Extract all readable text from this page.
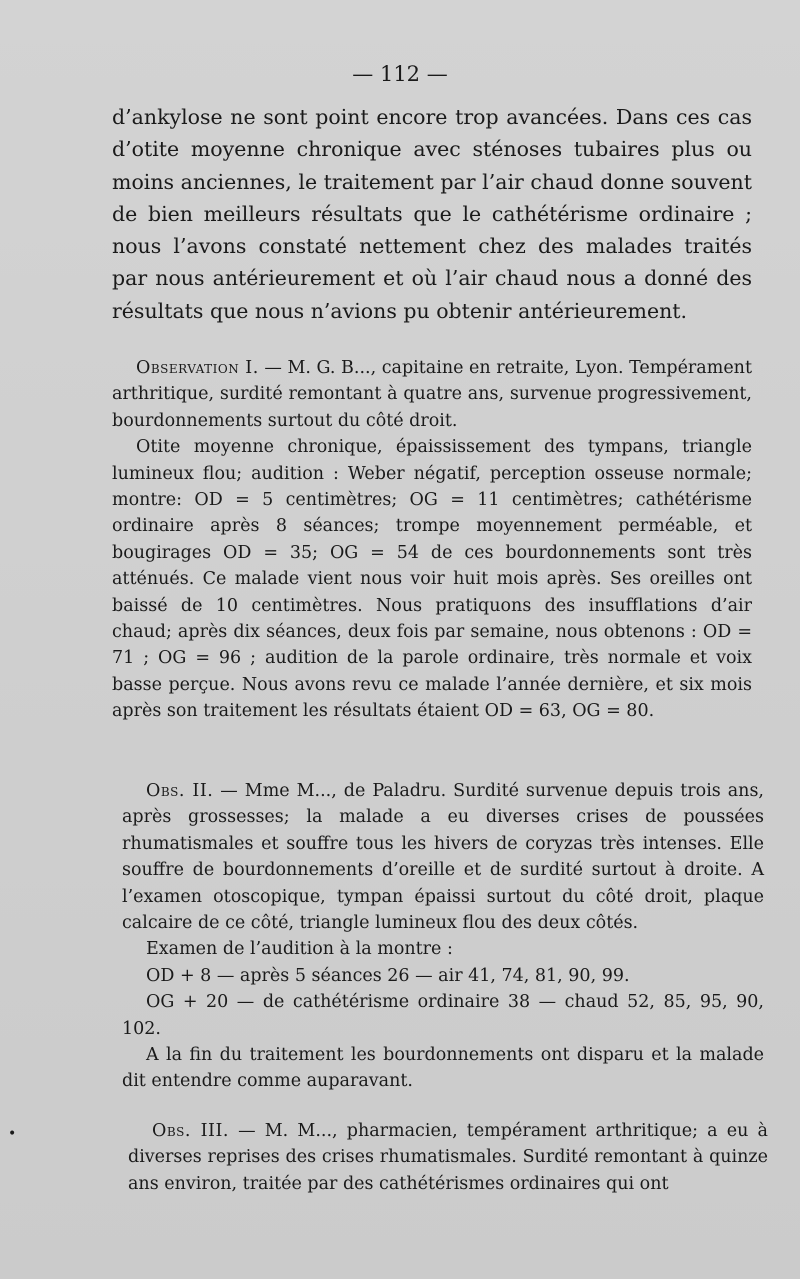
— 112 —

d’ankylose ne sont point encore trop avancées. Dans ces cas d’otite moyenne chronique avec sténoses tubaires plus ou moins anciennes, le traitement par l’air chaud donne souvent de bien meilleurs résultats que le cathétérisme ordinaire ; nous l’avons constaté nettement chez des malades traités par nous antérieurement et où l’air chaud nous a donné des résultats que nous n’avions pu obtenir antérieurement.

Observation I. — M. G. B..., capitaine en retraite, Lyon. Tempérament arthritique, surdité remontant à quatre ans, survenue progressivement, bourdonnements surtout du côté droit.

Otite moyenne chronique, épaississement des tympans, triangle lumineux flou; audition : Weber négatif, perception osseuse normale; montre: OD = 5 centimètres; OG = 11 centimètres; cathétérisme ordinaire après 8 séances; trompe moyennement perméable, et bougirages OD = 35; OG = 54 de ces bourdonnements sont très atténués. Ce malade vient nous voir huit mois après. Ses oreilles ont baissé de 10 centimètres. Nous pratiquons des insufflations d’air chaud; après dix séances, deux fois par semaine, nous obtenons : OD = 71 ; OG = 96 ; audition de la parole ordinaire, très normale et voix basse perçue. Nous avons revu ce malade l’année dernière, et six mois après son traitement les résultats étaient OD = 63, OG = 80.

Obs. II. — Mme M..., de Paladru. Surdité survenue depuis trois ans, après grossesses; la malade a eu diverses crises de poussées rhumatismales et souffre tous les hivers de coryzas très intenses. Elle souffre de bourdonnements d’oreille et de surdité surtout à droite. A l’examen otoscopique, tympan épaissi surtout du côté droit, plaque calcaire de ce côté, triangle lumineux flou des deux côtés.

Examen de l’audition à la montre :

OD + 8 — après 5 séances 26 — air 41, 74, 81, 90, 99.

OG + 20 — de cathétérisme ordinaire 38 — chaud 52, 85, 95, 90, 102.

A la fin du traitement les bourdonnements ont disparu et la malade dit entendre comme auparavant.

Obs. III. — M. M..., pharmacien, tempérament arthritique; a eu à diverses reprises des crises rhumatismales. Surdité remontant à quinze ans environ, traitée par des cathétérismes ordinaires qui ont

•
